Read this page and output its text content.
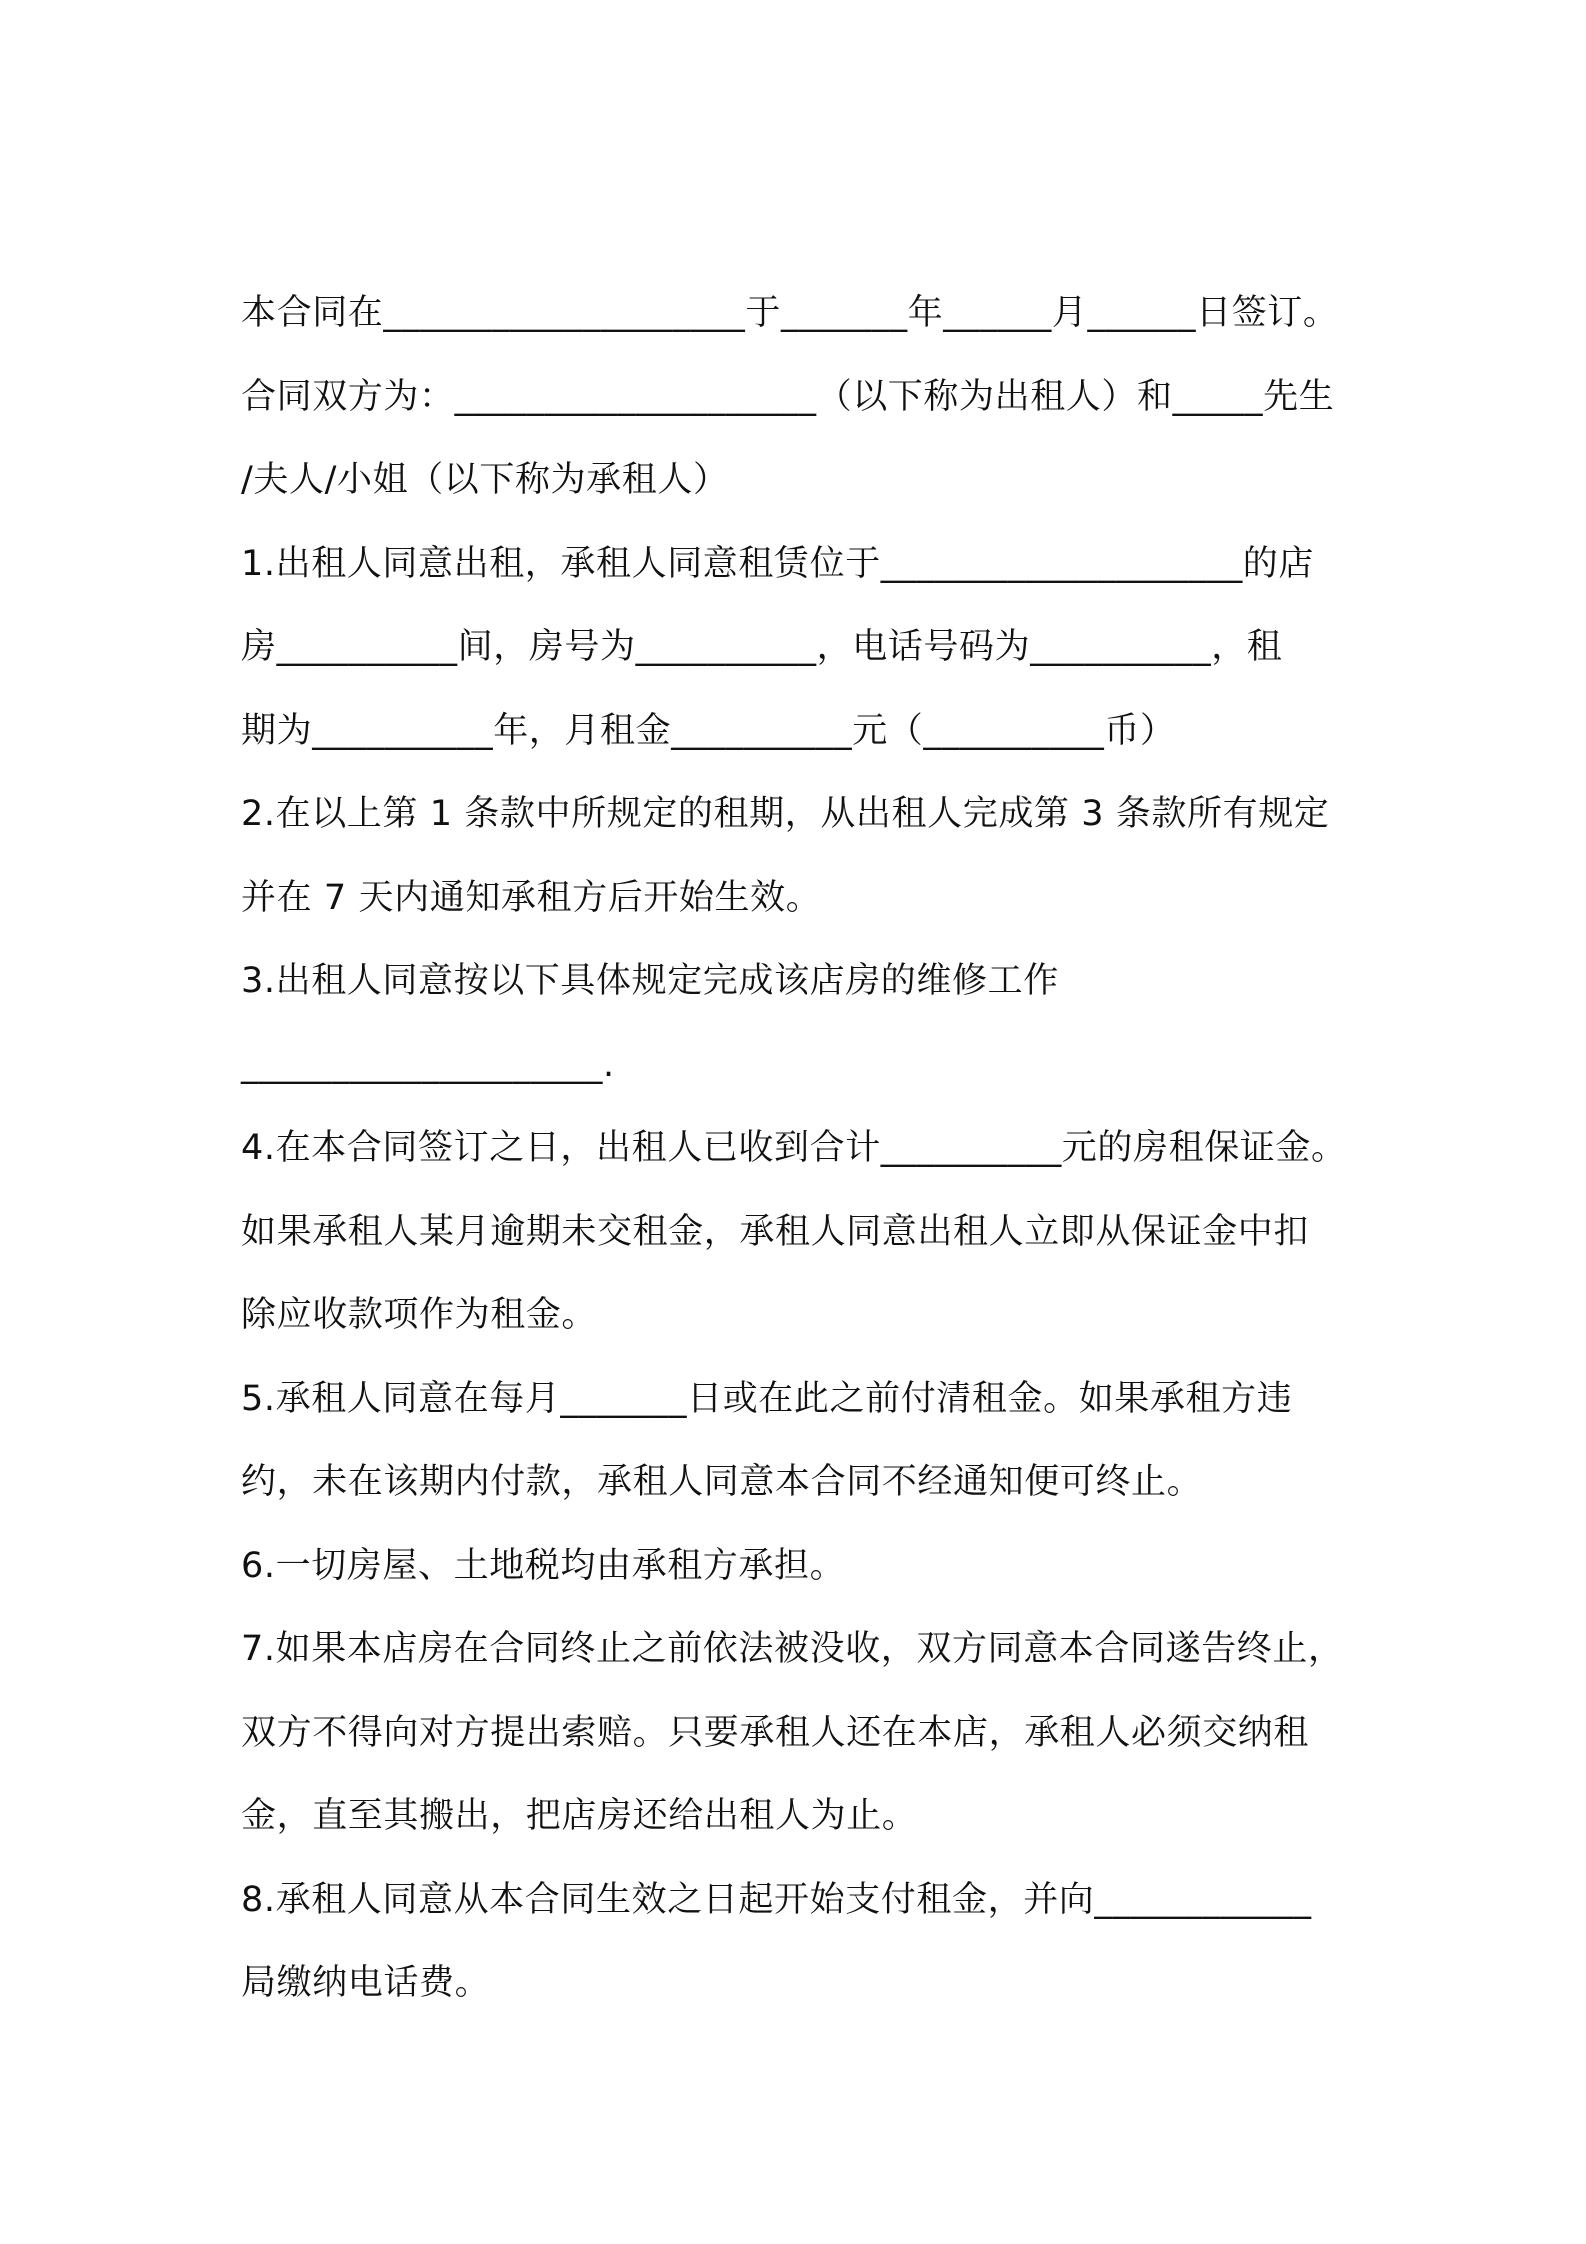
本合同在____________________于_______年______月______日签订。
合同双方为：____________________（以下称为出租人）和_____先生
/夫人/小姐（以下称为承租人）
1.出租人同意出租，承租人同意租赁位于____________________的店
房__________间，房号为__________，电话号码为__________，租
期为__________年，月租金__________元（__________币）
2.在以上第 1 条款中所规定的租期，从出租人完成第 3 条款所有规定
并在 7 天内通知承租方后开始生效。
3.出租人同意按以下具体规定完成该店房的维修工作
____________________.
4.在本合同签订之日，出租人已收到合计__________元的房租保证金。
如果承租人某月逾期未交租金，承租人同意出租人立即从保证金中扣
除应收款项作为租金。
5.承租人同意在每月_______日或在此之前付清租金。如果承租方违
约，未在该期内付款，承租人同意本合同不经通知便可终止。
6.一切房屋、土地税均由承租方承担。
7.如果本店房在合同终止之前依法被没收，双方同意本合同遂告终止，
双方不得向对方提出索赔。只要承租人还在本店，承租人必须交纳租
金，直至其搬出，把店房还给出租人为止。
8.承租人同意从本合同生效之日起开始支付租金，并向____________
局缴纳电话费。
